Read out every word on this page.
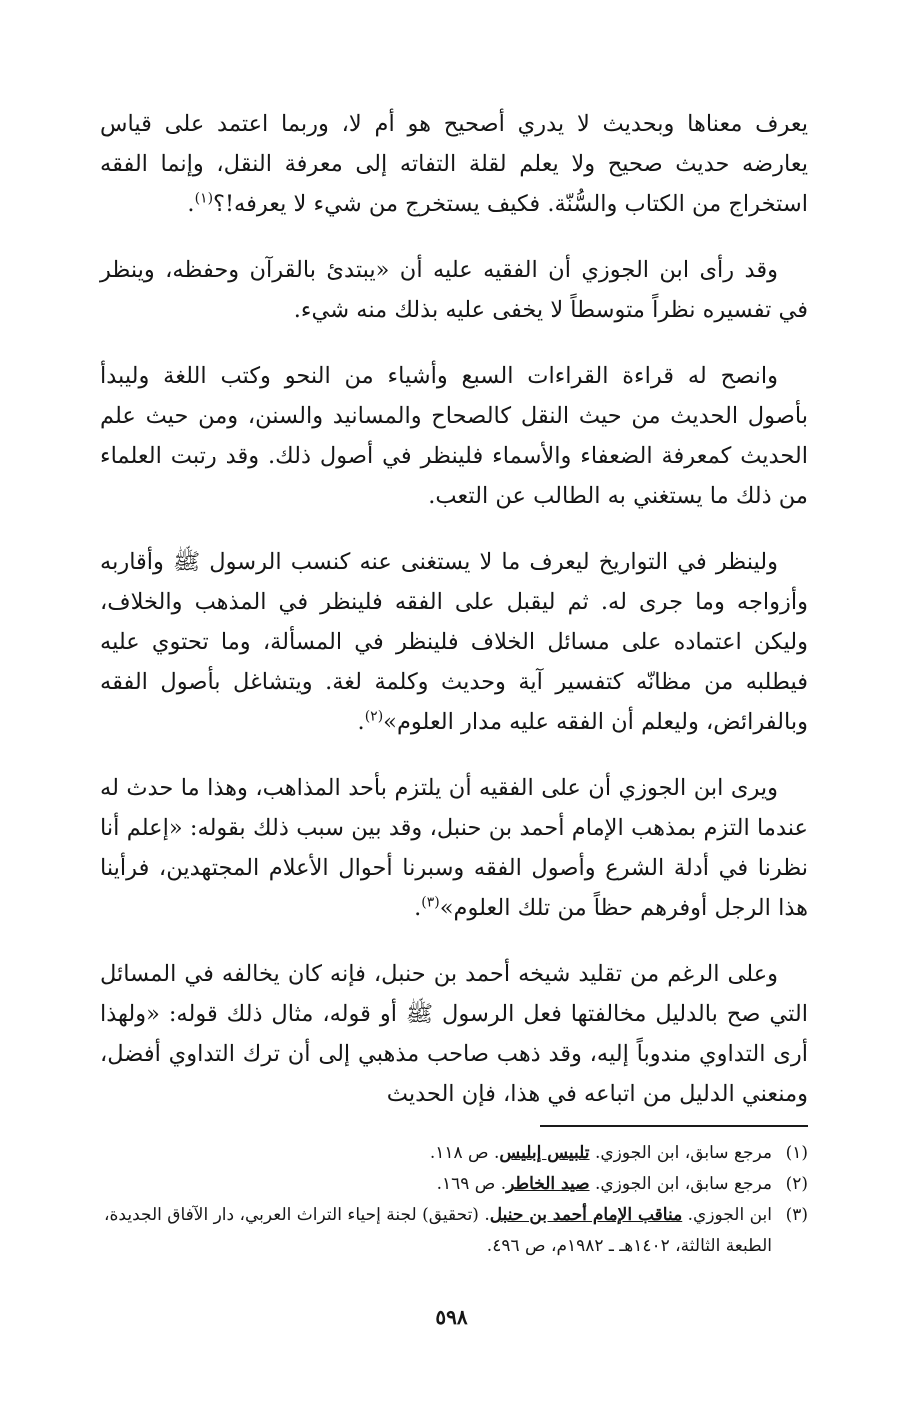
يعرف معناها وبحديث لا يدري أصحيح هو أم لا، وربما اعتمد على قياس يعارضه حديث صحيح ولا يعلم لقلة التفاته إلى معرفة النقل، وإنما الفقه استخراج من الكتاب والسُّنّة. فكيف يستخرج من شيء لا يعرفه!؟$^{(١)}$.

وقد رأى ابن الجوزي أن الفقيه عليه أن «يبتدئ بالقرآن وحفظه، وينظر في تفسيره نظراً متوسطاً لا يخفى عليه بذلك منه شيء.

وانصح له قراءة القراءات السبع وأشياء من النحو وكتب اللغة وليبدأ بأصول الحديث من حيث النقل كالصحاح والمسانيد والسنن، ومن حيث علم الحديث كمعرفة الضعفاء والأسماء فلينظر في أصول ذلك. وقد رتبت العلماء من ذلك ما يستغني به الطالب عن التعب.

ولينظر في التواريخ ليعرف ما لا يستغنى عنه كنسب الرسول ﷺ وأقاربه وأزواجه وما جرى له. ثم ليقبل على الفقه فلينظر في المذهب والخلاف، وليكن اعتماده على مسائل الخلاف فلينظر في المسألة، وما تحتوي عليه فيطلبه من مظانّه كتفسير آية وحديث وكلمة لغة. ويتشاغل بأصول الفقه وبالفرائض، وليعلم أن الفقه عليه مدار العلوم»$^{(٢)}$.

ويرى ابن الجوزي أن على الفقيه أن يلتزم بأحد المذاهب، وهذا ما حدث له عندما التزم بمذهب الإمام أحمد بن حنبل، وقد بين سبب ذلك بقوله: «إعلم أنا نظرنا في أدلة الشرع وأصول الفقه وسبرنا أحوال الأعلام المجتهدين، فرأينا هذا الرجل أوفرهم حظاً من تلك العلوم»$^{(٣)}$.

وعلى الرغم من تقليد شيخه أحمد بن حنبل، فإنه كان يخالفه في المسائل التي صح بالدليل مخالفتها فعل الرسول ﷺ أو قوله، مثال ذلك قوله: «ولهذا أرى التداوي مندوباً إليه، وقد ذهب صاحب مذهبي إلى أن ترك التداوي أفضل، ومنعني الدليل من اتباعه في هذا، فإن الحديث

(١)
مرجع سابق، ابن الجوزي. تلبيس إبليس. ص ١١٨.
(٢)
مرجع سابق، ابن الجوزي. صيد الخاطر. ص ١٦٩.
(٣)
ابن الجوزي. مناقب الإمام أحمد بن حنبل. (تحقيق) لجنة إحياء التراث العربي، دار الآفاق الجديدة، الطبعة الثالثة، ١٤٠٢هـ ـ ١٩٨٢م، ص ٤٩٦.
٥٩٨
